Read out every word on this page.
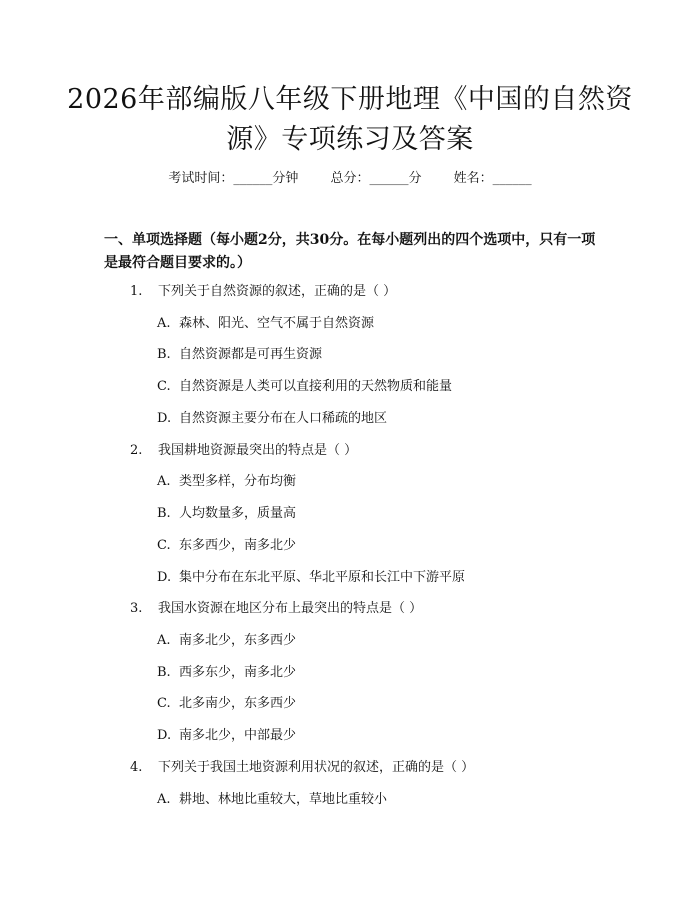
2026年部编版八年级下册地理《中国的自然资源》专项练习及答案
考试时间：______分钟 总分：______分 姓名：______
一、单项选择题（每小题2分，共30分。在每小题列出的四个选项中，只有一项是最符合题目要求的。）
1. 下列关于自然资源的叙述，正确的是（ ）
A. 森林、阳光、空气不属于自然资源
B. 自然资源都是可再生资源
C. 自然资源是人类可以直接利用的天然物质和能量
D. 自然资源主要分布在人口稀疏的地区
2. 我国耕地资源最突出的特点是（ ）
A. 类型多样，分布均衡
B. 人均数量多，质量高
C. 东多西少，南多北少
D. 集中分布在东北平原、华北平原和长江中下游平原
3. 我国水资源在地区分布上最突出的特点是（ ）
A. 南多北少，东多西少
B. 西多东少，南多北少
C. 北多南少，东多西少
D. 南多北少，中部最少
4. 下列关于我国土地资源利用状况的叙述，正确的是（ ）
A. 耕地、林地比重较大，草地比重较小
